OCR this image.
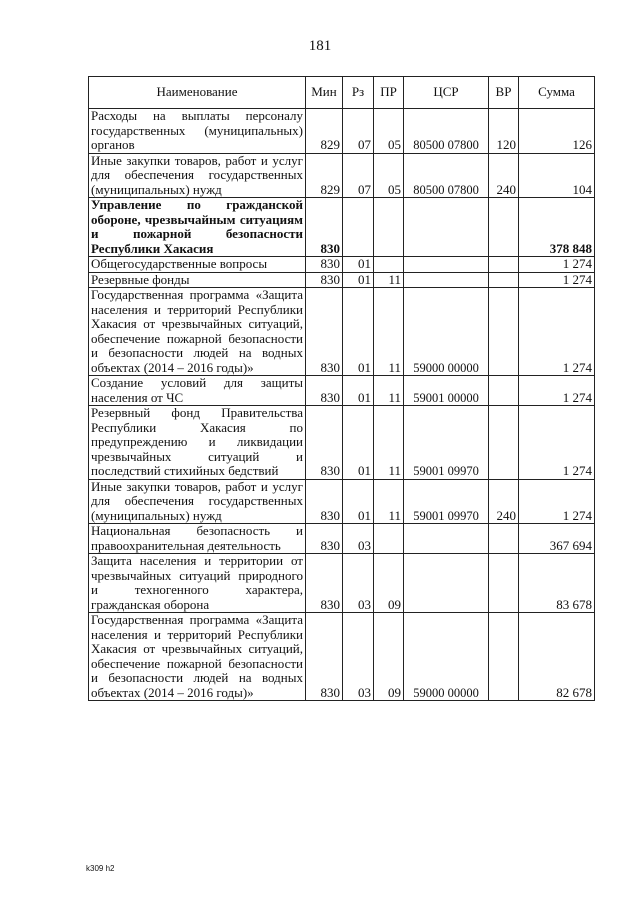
181
Наименование	Мин	Рз	ПР	ЦСР	ВР	Сумма
Расходы на выплаты персоналу государственных (муниципальных) органов	829	07	05	80500 07800	120	126
Иные закупки товаров, работ и услуг для обеспечения государственных (муниципальных) нужд	829	07	05	80500 07800	240	104
Управление по гражданской обороне, чрезвычайным ситуациям и пожарной безопасности Республики Хакасия	830					378 848
Общегосударственные вопросы	830	01				1 274
Резервные фонды	830	01	11			1 274
Государственная программа «Защита населения и территорий Республики Хакасия от чрезвычайных ситуаций, обеспечение пожарной безопасности и безопасности людей на водных объектах (2014 – 2016 годы)»	830	01	11	59000 00000		1 274
Создание условий для защиты населения от ЧС	830	01	11	59001 00000		1 274
Резервный фонд Правительства Республики Хакасия по предупреждению и ликвидации чрезвычайных ситуаций и последствий стихийных бедствий	830	01	11	59001 09970		1 274
Иные закупки товаров, работ и услуг для обеспечения государственных (муниципальных) нужд	830	01	11	59001 09970	240	1 274
Национальная безопасность и правоохранительная деятельность	830	03				367 694
Защита населения и территории от чрезвычайных ситуаций природного и техногенного характера, гражданская оборона	830	03	09			83 678
Государственная программа «Защита населения и территорий Республики Хакасия от чрезвычайных ситуаций, обеспечение пожарной безопасности и безопасности людей на водных объектах (2014 – 2016 годы)»	830	03	09	59000 00000		82 678
k309 h2
